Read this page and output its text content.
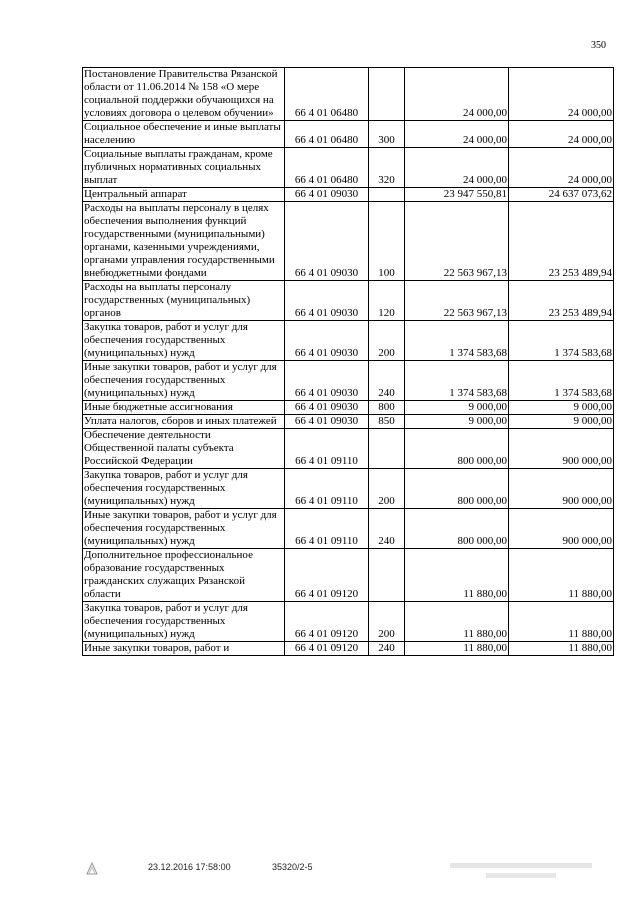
350
Постановление Правительства Рязанской области от 11.06.2014 № 158 «О мере социальной поддержки обучающихся на условиях договора о целевом обучении»	66 4 01 06480		24 000,00	24 000,00
Социальное обеспечение и иные выплаты населению	66 4 01 06480	300	24 000,00	24 000,00
Социальные выплаты гражданам, кроме публичных нормативных социальных выплат	66 4 01 06480	320	24 000,00	24 000,00
Центральный аппарат	66 4 01 09030		23 947 550,81	24 637 073,62
Расходы на выплаты персоналу в целях обеспечения выполнения функций государственными (муниципальными) органами, казенными учреждениями, органами управления государственными внебюджетными фондами	66 4 01 09030	100	22 563 967,13	23 253 489,94
Расходы на выплаты персоналу государственных (муниципальных) органов	66 4 01 09030	120	22 563 967,13	23 253 489,94
Закупка товаров, работ и услуг для обеспечения государственных (муниципальных) нужд	66 4 01 09030	200	1 374 583,68	1 374 583,68
Иные закупки товаров, работ и услуг для обеспечения государственных (муниципальных) нужд	66 4 01 09030	240	1 374 583,68	1 374 583,68
Иные бюджетные ассигнования	66 4 01 09030	800	9 000,00	9 000,00
Уплата налогов, сборов и иных платежей	66 4 01 09030	850	9 000,00	9 000,00
Обеспечение деятельности Общественной палаты субъекта Российской Федерации	66 4 01 09110		800 000,00	900 000,00
Закупка товаров, работ и услуг для обеспечения государственных (муниципальных) нужд	66 4 01 09110	200	800 000,00	900 000,00
Иные закупки товаров, работ и услуг для обеспечения государственных (муниципальных) нужд	66 4 01 09110	240	800 000,00	900 000,00
Дополнительное профессиональное образование государственных гражданских служащих Рязанской области	66 4 01 09120		11 880,00	11 880,00
Закупка товаров, работ и услуг для обеспечения государственных (муниципальных) нужд	66 4 01 09120	200	11 880,00	11 880,00
Иные закупки товаров, работ и	66 4 01 09120	240	11 880,00	11 880,00
23.12.2016 17:58:00	35320/2-5
